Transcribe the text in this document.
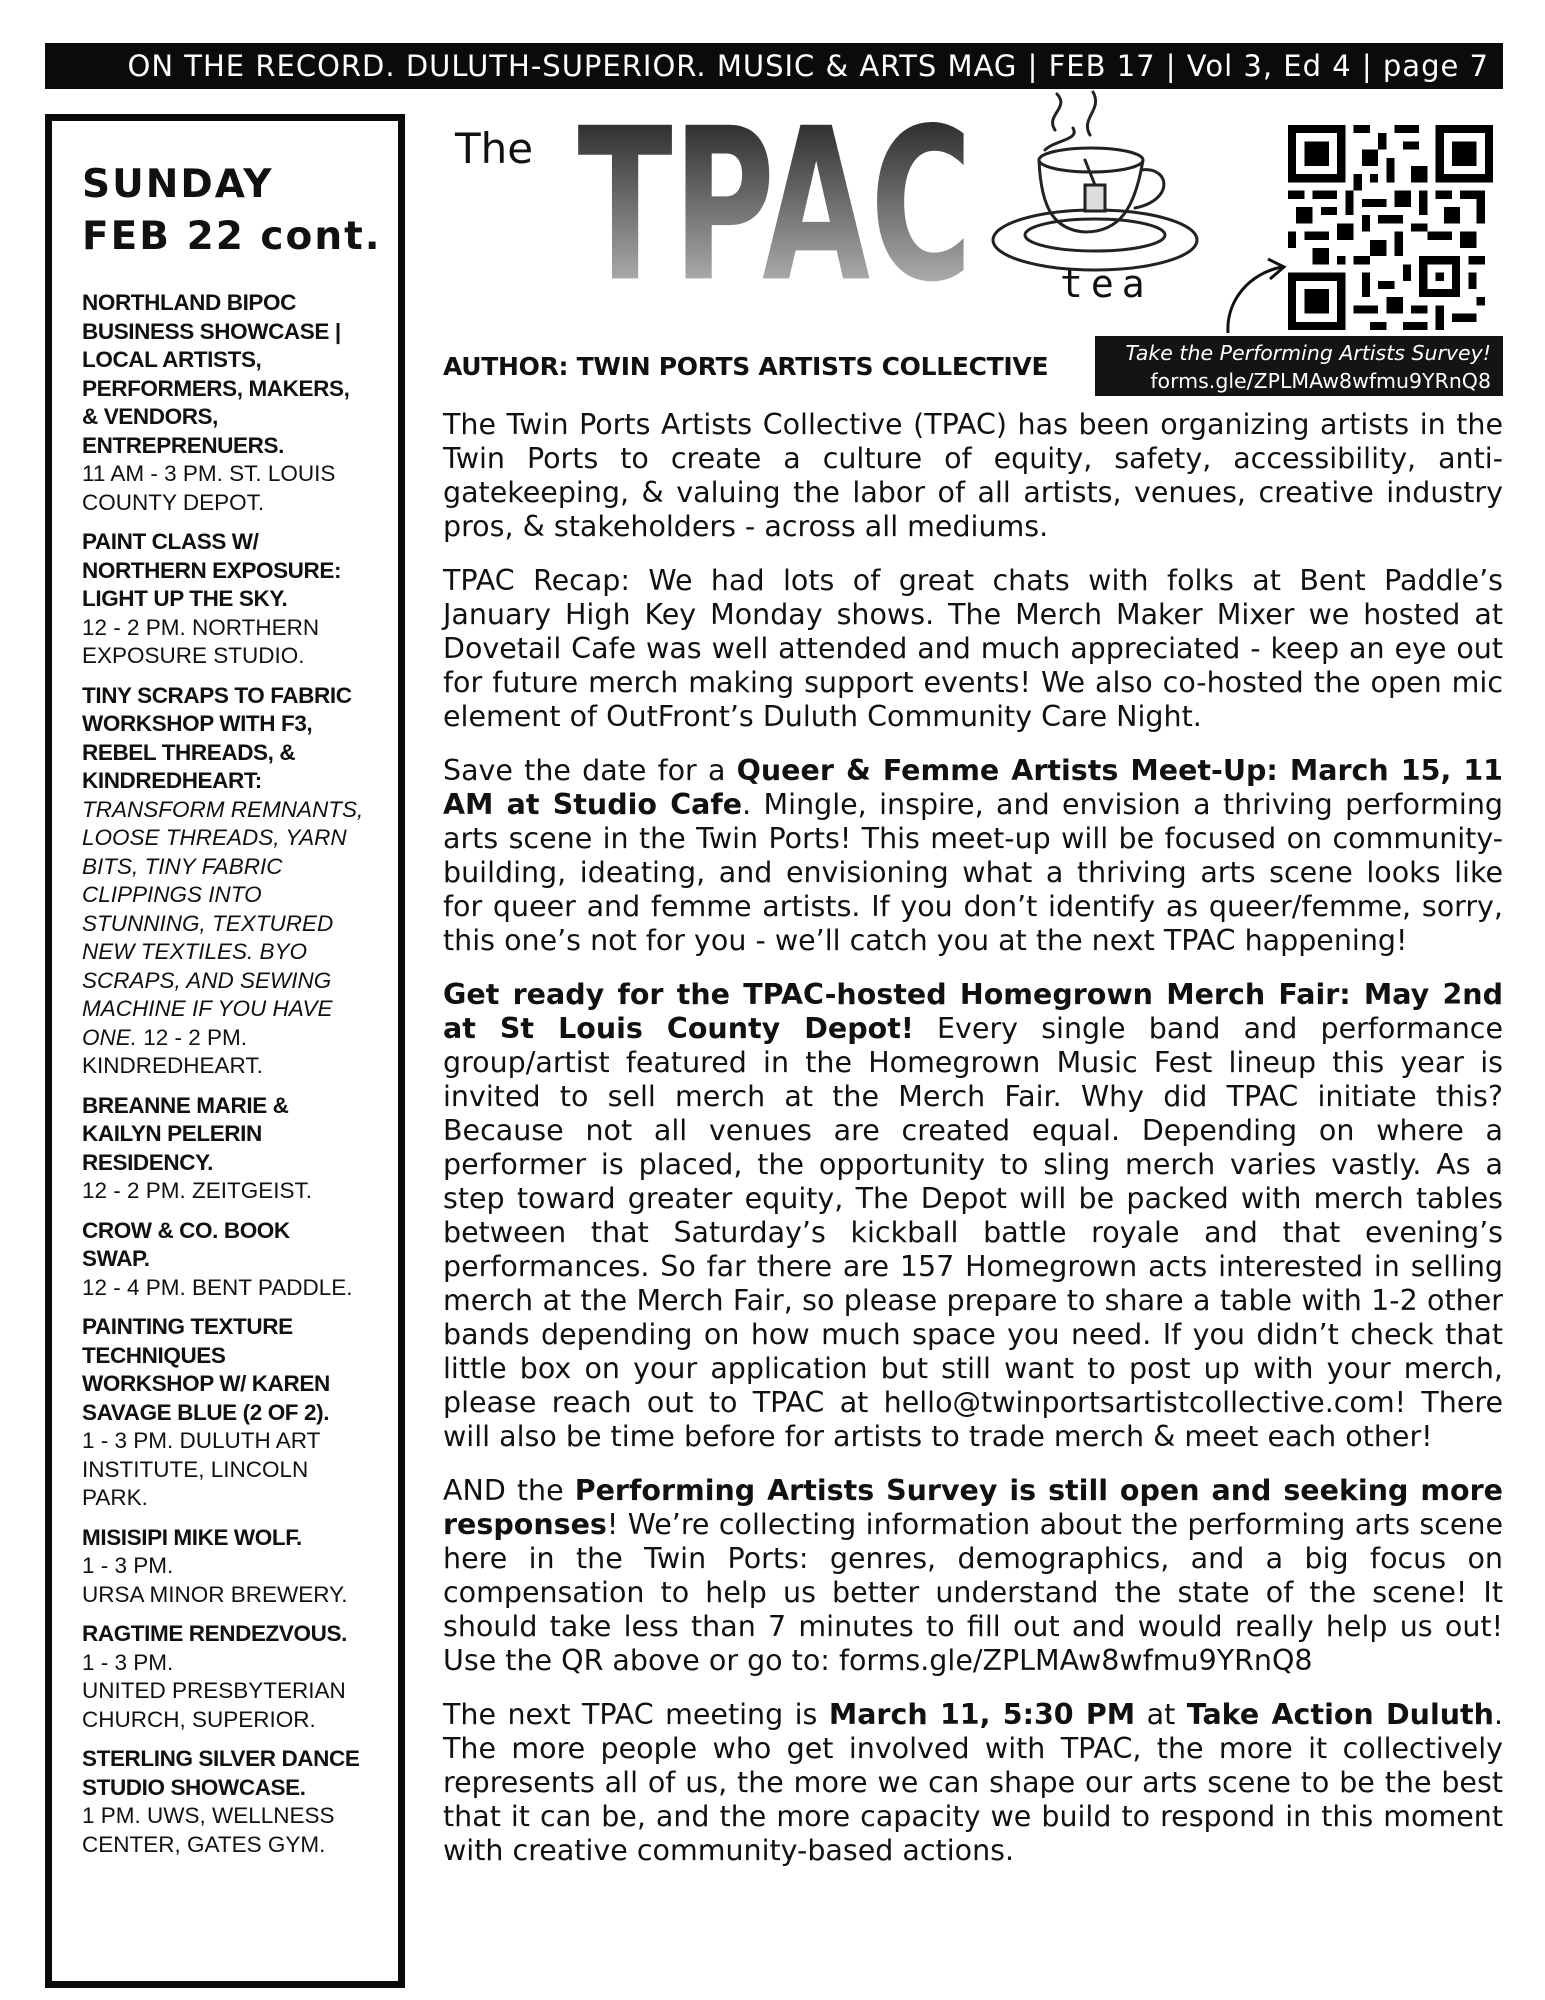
ON THE RECORD. DULUTH-SUPERIOR. MUSIC & ARTS MAG | FEB 17 | Vol 3, Ed 4 | page 7
SUNDAY
FEB 22 cont.
NORTHLAND BIPOC
BUSINESS SHOWCASE |
LOCAL ARTISTS,
PERFORMERS, MAKERS,
& VENDORS,
ENTREPRENUERS.
11 AM - 3 PM. ST. LOUIS
COUNTY DEPOT.
PAINT CLASS W/
NORTHERN EXPOSURE:
LIGHT UP THE SKY.
12 - 2 PM. NORTHERN
EXPOSURE STUDIO.
TINY SCRAPS TO FABRIC
WORKSHOP WITH F3,
REBEL THREADS, &
KINDREDHEART:
TRANSFORM REMNANTS,
LOOSE THREADS, YARN
BITS, TINY FABRIC
CLIPPINGS INTO
STUNNING, TEXTURED
NEW TEXTILES. BYO
SCRAPS, AND SEWING
MACHINE IF YOU HAVE
ONE. 12 - 2 PM.
KINDREDHEART.
BREANNE MARIE &
KAILYN PELERIN
RESIDENCY.
12 - 2 PM. ZEITGEIST.
CROW & CO. BOOK
SWAP.
12 - 4 PM. BENT PADDLE.
PAINTING TEXTURE
TECHNIQUES
WORKSHOP W/ KAREN
SAVAGE BLUE (2 OF 2).
1 - 3 PM. DULUTH ART
INSTITUTE, LINCOLN
PARK.
MISISIPI MIKE WOLF.
1 - 3 PM.
URSA MINOR BREWERY.
RAGTIME RENDEZVOUS.
1 - 3 PM.
UNITED PRESBYTERIAN
CHURCH, SUPERIOR.
STERLING SILVER DANCE
STUDIO SHOWCASE.
1 PM. UWS, WELLNESS
CENTER, GATES GYM.
The TPAC tea
Take the Performing Artists Survey!
forms.gle/ZPLMAw8wfmu9YRnQ8
AUTHOR: TWIN PORTS ARTISTS COLLECTIVE

The Twin Ports Artists Collective (TPAC) has been organizing artists in the Twin Ports to create a culture of equity, safety, accessibility, anti-gatekeeping, & valuing the labor of all artists, venues, creative industry pros, & stakeholders - across all mediums.

TPAC Recap: We had lots of great chats with folks at Bent Paddle’s January High Key Monday shows. The Merch Maker Mixer we hosted at Dovetail Cafe was well attended and much appreciated - keep an eye out for future merch making support events! We also co-hosted the open mic element of OutFront’s Duluth Community Care Night.

Save the date for a Queer & Femme Artists Meet-Up: March 15, 11 AM at Studio Cafe. Mingle, inspire, and envision a thriving performing arts scene in the Twin Ports! This meet-up will be focused on community-building, ideating, and envisioning what a thriving arts scene looks like for queer and femme artists. If you don’t identify as queer/femme, sorry, this one’s not for you - we’ll catch you at the next TPAC happening!

Get ready for the TPAC-hosted Homegrown Merch Fair: May 2nd at St Louis County Depot! Every single band and performance group/artist featured in the Homegrown Music Fest lineup this year is invited to sell merch at the Merch Fair. Why did TPAC initiate this? Because not all venues are created equal. Depending on where a performer is placed, the opportunity to sling merch varies vastly. As a step toward greater equity, The Depot will be packed with merch tables between that Saturday’s kickball battle royale and that evening’s performances. So far there are 157 Homegrown acts interested in selling merch at the Merch Fair, so please prepare to share a table with 1-2 other bands depending on how much space you need. If you didn’t check that little box on your application but still want to post up with your merch, please reach out to TPAC at hello@twinportsartistcollective.com! There will also be time before for artists to trade merch & meet each other!

AND the Performing Artists Survey is still open and seeking more responses! We’re collecting information about the performing arts scene here in the Twin Ports: genres, demographics, and a big focus on compensation to help us better understand the state of the scene! It should take less than 7 minutes to fill out and would really help us out! Use the QR above or go to: forms.gle/ZPLMAw8wfmu9YRnQ8

The next TPAC meeting is March 11, 5:30 PM at Take Action Duluth. The more people who get involved with TPAC, the more it collectively represents all of us, the more we can shape our arts scene to be the best that it can be, and the more capacity we build to respond in this moment with creative community-based actions.
